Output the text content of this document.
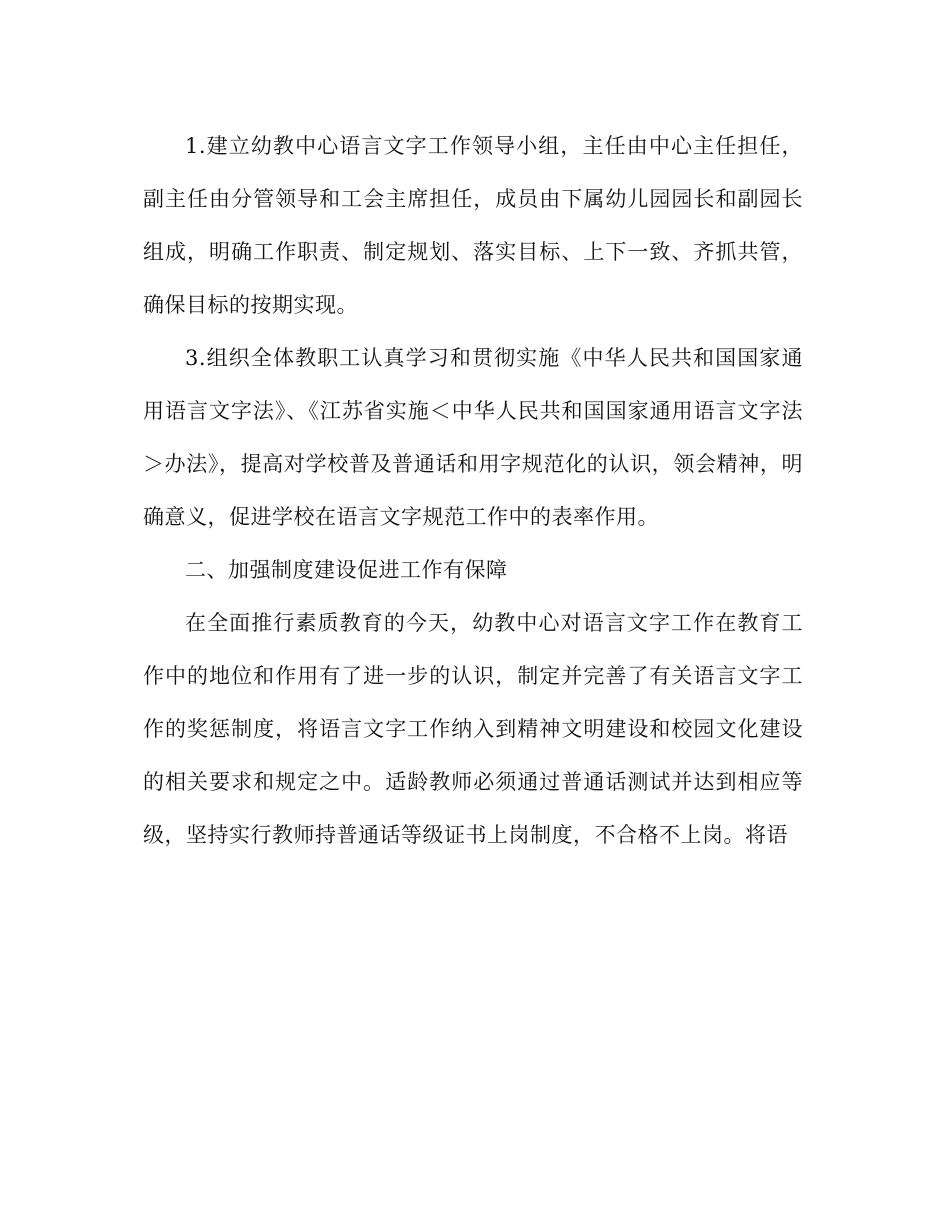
1.建立幼教中心语言文字工作领导小组，主任由中心主任担任，副主任由分管领导和工会主席担任，成员由下属幼儿园园长和副园长组成，明确工作职责、制定规划、落实目标、上下一致、齐抓共管，确保目标的按期实现。

3.组织全体教职工认真学习和贯彻实施《中华人民共和国国家通用语言文字法》、《江苏省实施＜中华人民共和国国家通用语言文字法＞办法》，提高对学校普及普通话和用字规范化的认识，领会精神，明确意义，促进学校在语言文字规范工作中的表率作用。

二、加强制度建设促进工作有保障

在全面推行素质教育的今天，幼教中心对语言文字工作在教育工作中的地位和作用有了进一步的认识，制定并完善了有关语言文字工作的奖惩制度，将语言文字工作纳入到精神文明建设和校园文化建设的相关要求和规定之中。适龄教师必须通过普通话测试并达到相应等级，坚持实行教师持普通话等级证书上岗制度，不合格不上岗。将语
